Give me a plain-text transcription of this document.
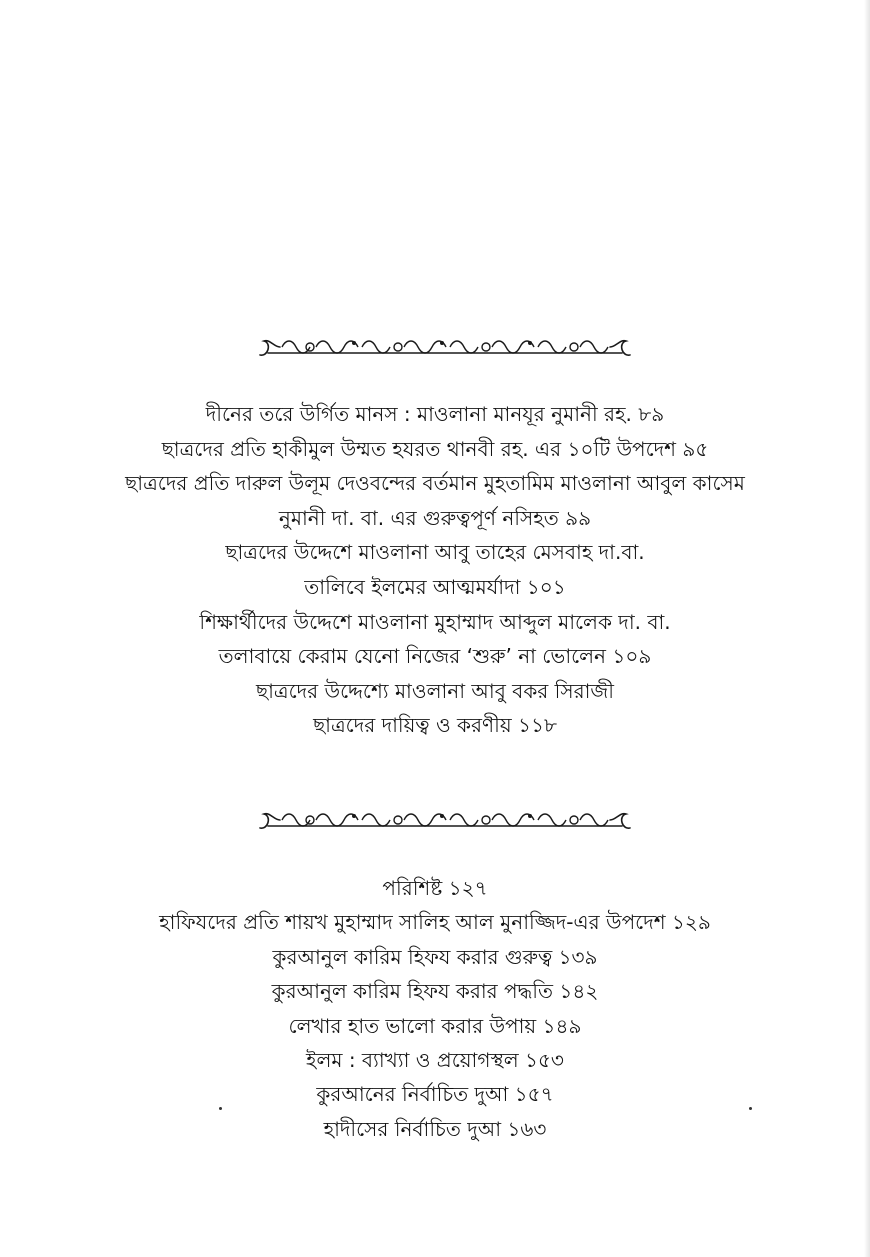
দীনের তরে উর্গিত মানস : মাওলানা মানযূর নুমানী রহ. ৮৯
ছাত্রদের প্রতি হাকীমুল উম্মত হযরত থানবী রহ. এর ১০টি উপদেশ ৯৫
ছাত্রদের প্রতি দারুল উলূম দেওবন্দের বর্তমান মুহতামিম মাওলানা আবুল কাসেম
নুমানী দা. বা. এর গুরুত্বপূর্ণ নসিহত ৯৯
ছাত্রদের উদ্দেশে মাওলানা আবু তাহের মেসবাহ দা.বা.
তালিবে ইলমের আত্মমর্যাদা ১০১
শিক্ষার্থীদের উদ্দেশে মাওলানা মুহাম্মাদ আব্দুল মালেক দা. বা.
তলাবায়ে কেরাম যেনো নিজের ‘শুরু’ না ভোলেন ১০৯
ছাত্রদের উদ্দেশ্যে মাওলানা আবু বকর সিরাজী
ছাত্রদের দায়িত্ব ও করণীয় ১১৮
পরিশিষ্ট ১২৭
হাফিযদের প্রতি শায়খ মুহাম্মাদ সালিহ আল মুনাজ্জিদ-এর উপদেশ ১২৯
কুরআনুল কারিম হিফয করার গুরুত্ব ১৩৯
কুরআনুল কারিম হিফয করার পদ্ধতি ১৪২
লেখার হাত ভালো করার উপায় ১৪৯
ইলম : ব্যাখ্যা ও প্রয়োগস্থল ১৫৩
কুরআনের নির্বাচিত দুআ ১৫৭
হাদীসের নির্বাচিত দুআ ১৬৩
